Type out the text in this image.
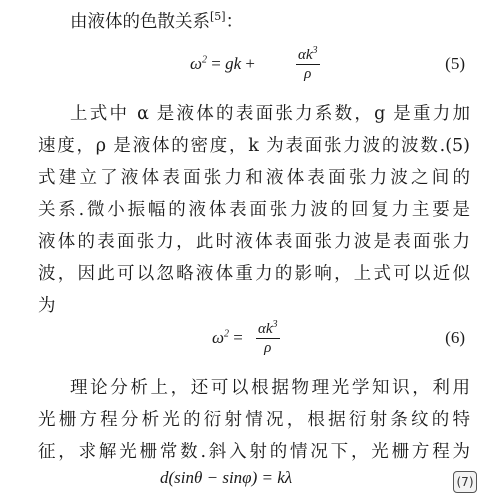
由液体的色散关系[5]：
$\omega^2$ = gk +	$\frac{\alpha k^3}{\rho}$	(5)
上式中 α 是液体的表面张力系数，g 是重力加
速度，ρ 是液体的密度，k 为表面张力波的波数.(5)
式建立了液体表面张力和液体表面张力波之间的
关系.微小振幅的液体表面张力波的回复力主要是
液体的表面张力，此时液体表面张力波是表面张力
波，因此可以忽略液体重力的影响，上式可以近似
为
$\omega^2 = \frac{\alpha k^3}{\rho}$	(6)
理论分析上，还可以根据物理光学知识，利用
光栅方程分析光的衍射情况，根据衍射条纹的特
征，求解光栅常数.斜入射的情况下，光栅方程为
d(sinθ − sinφ) = kλ	(7)
